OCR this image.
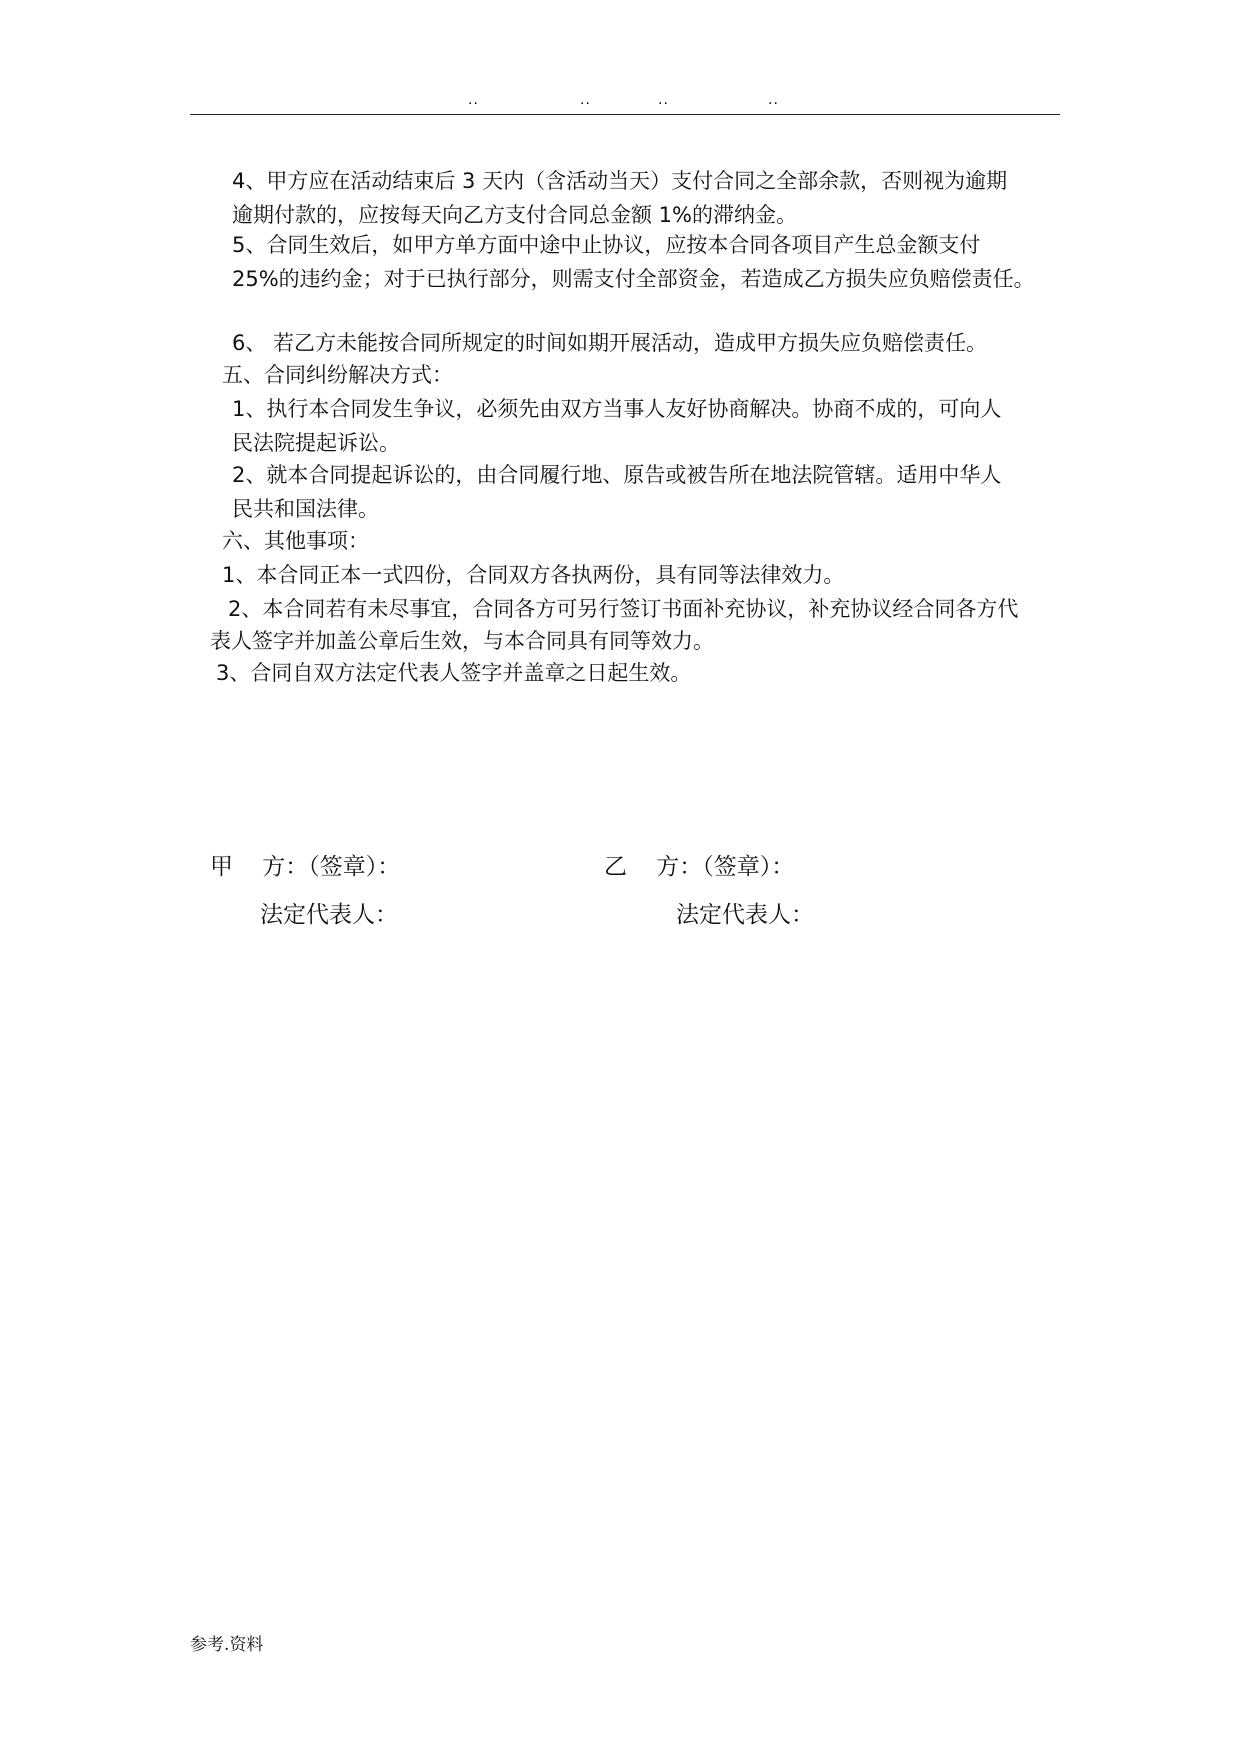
..	..	..	..
4、甲方应在活动结束后 3 天内（含活动当天）支付合同之全部余款，否则视为逾期
逾期付款的，应按每天向乙方支付合同总金额 1%的滞纳金。
5、合同生效后，如甲方单方面中途中止协议，应按本合同各项目产生总金额支付
25%的违约金；对于已执行部分，则需支付全部资金，若造成乙方损失应负赔偿责任。
6、 若乙方未能按合同所规定的时间如期开展活动，造成甲方损失应负赔偿责任。
五、合同纠纷解决方式：
1、执行本合同发生争议，必须先由双方当事人友好协商解决。协商不成的，可向人
民法院提起诉讼。
2、就本合同提起诉讼的，由合同履行地、原告或被告所在地法院管辖。适用中华人
民共和国法律。
六、其他事项：
1、本合同正本一式四份，合同双方各执两份，具有同等法律效力。
2、本合同若有未尽事宜，合同各方可另行签订书面补充协议，补充协议经合同各方代
表人签字并加盖公章后生效，与本合同具有同等效力。
3、合同自双方法定代表人签字并盖章之日起生效。
甲    方：（签章）：	乙    方：（签章）：
法定代表人：	法定代表人：
参考.资料
